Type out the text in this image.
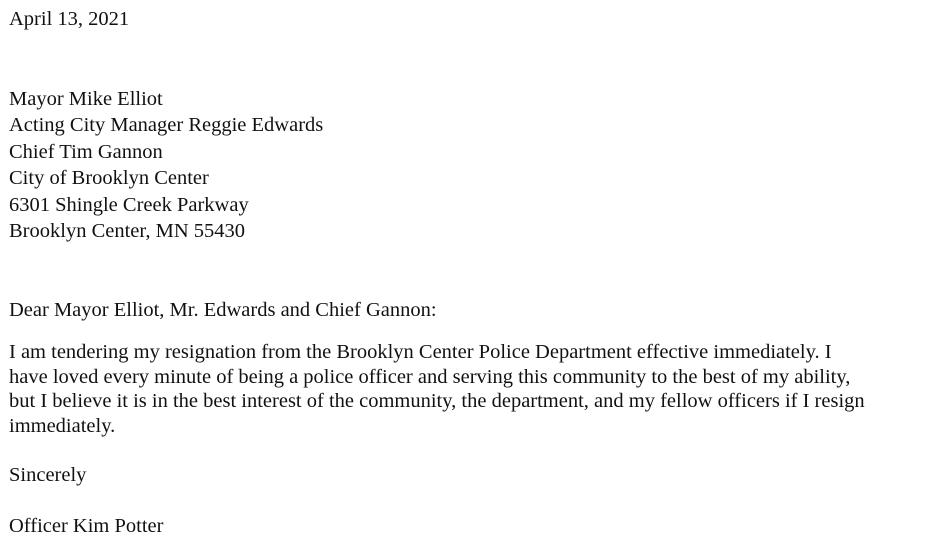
April 13, 2021
Mayor Mike Elliot
Acting City Manager Reggie Edwards
Chief Tim Gannon
City of Brooklyn Center
6301 Shingle Creek Parkway
Brooklyn Center, MN 55430
Dear Mayor Elliot, Mr. Edwards and Chief Gannon:
I am tendering my resignation from the Brooklyn Center Police Department effective immediately. I
have loved every minute of being a police officer and serving this community to the best of my ability,
but I believe it is in the best interest of the community, the department, and my fellow officers if I resign
immediately.
Sincerely
Officer Kim Potter
